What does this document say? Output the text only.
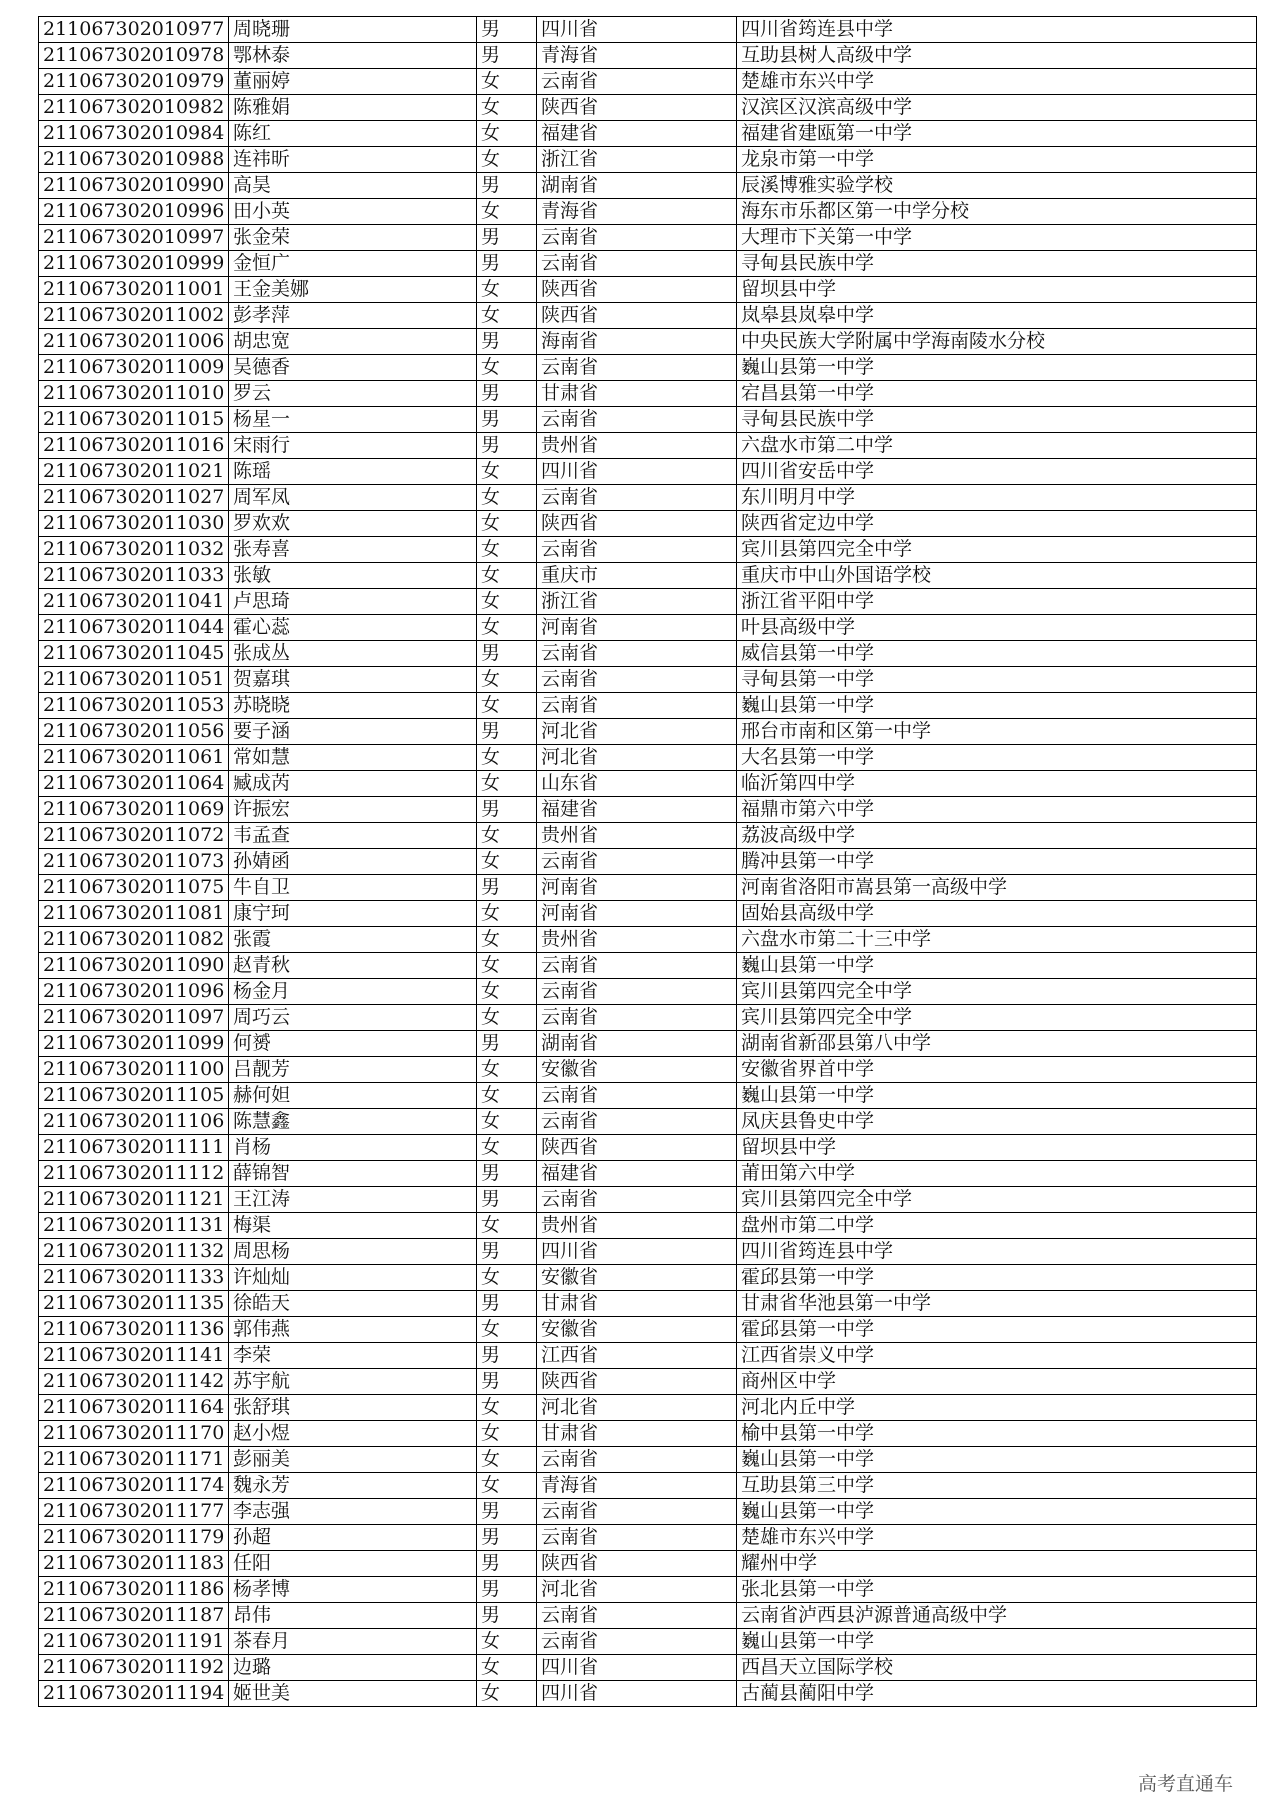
211067302010977	周晓珊	男	四川省	四川省筠连县中学
211067302010978	鄂林泰	男	青海省	互助县树人高级中学
211067302010979	董丽婷	女	云南省	楚雄市东兴中学
211067302010982	陈雅娟	女	陕西省	汉滨区汉滨高级中学
211067302010984	陈红	女	福建省	福建省建瓯第一中学
211067302010988	连祎昕	女	浙江省	龙泉市第一中学
211067302010990	高昊	男	湖南省	辰溪博雅实验学校
211067302010996	田小英	女	青海省	海东市乐都区第一中学分校
211067302010997	张金荣	男	云南省	大理市下关第一中学
211067302010999	金恒广	男	云南省	寻甸县民族中学
211067302011001	王金美娜	女	陕西省	留坝县中学
211067302011002	彭孝萍	女	陕西省	岚皋县岚皋中学
211067302011006	胡忠宽	男	海南省	中央民族大学附属中学海南陵水分校
211067302011009	吴德香	女	云南省	巍山县第一中学
211067302011010	罗云	男	甘肃省	宕昌县第一中学
211067302011015	杨星一	男	云南省	寻甸县民族中学
211067302011016	宋雨行	男	贵州省	六盘水市第二中学
211067302011021	陈瑶	女	四川省	四川省安岳中学
211067302011027	周军凤	女	云南省	东川明月中学
211067302011030	罗欢欢	女	陕西省	陕西省定边中学
211067302011032	张寿喜	女	云南省	宾川县第四完全中学
211067302011033	张敏	女	重庆市	重庆市中山外国语学校
211067302011041	卢思琦	女	浙江省	浙江省平阳中学
211067302011044	霍心蕊	女	河南省	叶县高级中学
211067302011045	张成丛	男	云南省	威信县第一中学
211067302011051	贺嘉琪	女	云南省	寻甸县第一中学
211067302011053	苏晓晓	女	云南省	巍山县第一中学
211067302011056	要子涵	男	河北省	邢台市南和区第一中学
211067302011061	常如慧	女	河北省	大名县第一中学
211067302011064	臧成芮	女	山东省	临沂第四中学
211067302011069	许振宏	男	福建省	福鼎市第六中学
211067302011072	韦孟查	女	贵州省	荔波高级中学
211067302011073	孙婧函	女	云南省	腾冲县第一中学
211067302011075	牛自卫	男	河南省	河南省洛阳市嵩县第一高级中学
211067302011081	康宁珂	女	河南省	固始县高级中学
211067302011082	张霞	女	贵州省	六盘水市第二十三中学
211067302011090	赵青秋	女	云南省	巍山县第一中学
211067302011096	杨金月	女	云南省	宾川县第四完全中学
211067302011097	周巧云	女	云南省	宾川县第四完全中学
211067302011099	何赟	男	湖南省	湖南省新邵县第八中学
211067302011100	吕靓芳	女	安徽省	安徽省界首中学
211067302011105	赫何妲	女	云南省	巍山县第一中学
211067302011106	陈慧鑫	女	云南省	凤庆县鲁史中学
211067302011111	肖杨	女	陕西省	留坝县中学
211067302011112	薛锦智	男	福建省	莆田第六中学
211067302011121	王江涛	男	云南省	宾川县第四完全中学
211067302011131	梅渠	女	贵州省	盘州市第二中学
211067302011132	周思杨	男	四川省	四川省筠连县中学
211067302011133	许灿灿	女	安徽省	霍邱县第一中学
211067302011135	徐皓天	男	甘肃省	甘肃省华池县第一中学
211067302011136	郭伟燕	女	安徽省	霍邱县第一中学
211067302011141	李荣	男	江西省	江西省崇义中学
211067302011142	苏宇航	男	陕西省	商州区中学
211067302011164	张舒琪	女	河北省	河北内丘中学
211067302011170	赵小煜	女	甘肃省	榆中县第一中学
211067302011171	彭丽美	女	云南省	巍山县第一中学
211067302011174	魏永芳	女	青海省	互助县第三中学
211067302011177	李志强	男	云南省	巍山县第一中学
211067302011179	孙超	男	云南省	楚雄市东兴中学
211067302011183	任阳	男	陕西省	耀州中学
211067302011186	杨孝博	男	河北省	张北县第一中学
211067302011187	昂伟	男	云南省	云南省泸西县泸源普通高级中学
211067302011191	茶春月	女	云南省	巍山县第一中学
211067302011192	边璐	女	四川省	西昌天立国际学校
211067302011194	姬世美	女	四川省	古蔺县蔺阳中学
高考直通车
